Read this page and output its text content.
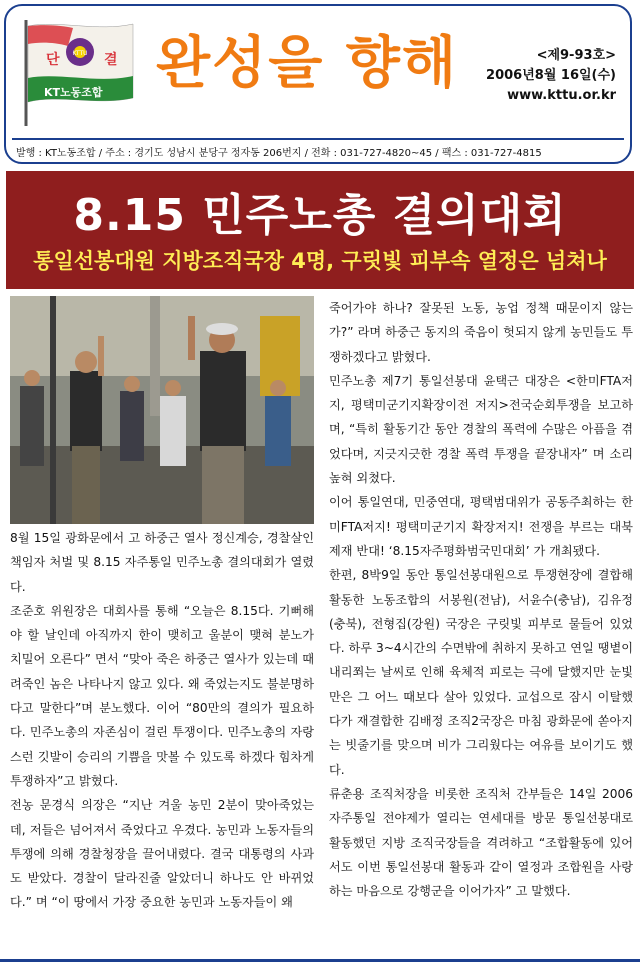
KTTU
단	결
KT노동조합 완성을 향해	<제9-93호>
2006년8월 16일(수)
www.kttu.or.kr
발행 : KT노동조합 / 주소 : 경기도 성남시 분당구 정자동 206번지 / 전화 : 031-727-4820~45 / 팩스 : 031-727-4815
8.15 민주노총 결의대회
통일선봉대원 지방조직국장 4명, 구릿빛 피부속 열정은 넘쳐나

8월 15일 광화문에서 고 하중근 열사 정신계승, 경찰살인 책임자 처벌 및 8.15 자주통일 민주노총 결의대회가 열렸다.

조준호 위원장은 대회사를 통해 “오늘은 8.15다. 기뻐해야 할 날인데 아직까지 한이 맺히고 울분이 맺혀 분노가 치밀어 오른다” 면서 “맞아 죽은 하중근 열사가 있는데 때려죽인 놈은 나타나지 않고 있다. 왜 죽었는지도 불분명하다고 말한다”며 분노했다. 이어 “80만의 결의가 필요하다. 민주노총의 자존심이 걸린 투쟁이다. 민주노총의 자랑스런 깃발이 승리의 기쁨을 맛볼 수 있도록 하겠다 힘차게 투쟁하자”고 밝혔다.

전농 문경식 의장은 “지난 겨울 농민 2분이 맞아죽었는데, 저들은 넘어져서 죽었다고 우겼다. 농민과 노동자들의 투쟁에 의해 경찰청장을 끌어내렸다. 결국 대통령의 사과도 받았다. 경찰이 달라진줄 알았더니 하나도 안 바뀌었다.” 며 “이 땅에서 가장 중요한 농민과 노동자들이 왜

죽어가야 하나? 잘못된 노동, 농업 정책 때문이지 않는가?” 라며 하중근 동지의 죽음이 헛되지 않게 농민들도 투쟁하겠다고 밝혔다.

민주노총 제7기 통일선봉대 윤택근 대장은 <한미FTA저지, 평택미군기지확장이전 저지>전국순회투쟁을 보고하며, “특히 활동기간 동안 경찰의 폭력에 수많은 아픔을 겪었다며, 지긋지긋한 경찰 폭력 투쟁을 끝장내자” 며 소리높혀 외쳤다.

이어 통일연대, 민중연대, 평택범대위가 공동주최하는 한미FTA저지! 평택미군기지 확장저지! 전쟁을 부르는 대북제재 반대! ‘8.15자주평화범국민대회’ 가 개최됐다.

한편, 8박9일 동안 통일선봉대원으로 투쟁현장에 결합해 활동한 노동조합의 서봉원(전남), 서윤수(충남), 김유정(충북), 전형집(강원) 국장은 구릿빛 피부로 물들어 있었다. 하루 3~4시간의 수면밖에 취하지 못하고 연일 땡볕이 내리쬐는 날씨로 인해 육체적 피로는 극에 달했지만 눈빛만은 그 어느 때보다 살아 있었다. 교섭으로 잠시 이탈했다가 재결합한 김배정 조직2국장은 마침 광화문에 쏟아지는 빗줄기를 맞으며 비가 그리웠다는 여유를 보이기도 했다.

류춘용 조직처장을 비롯한 조직처 간부들은 14일 2006 자주통일 전야제가 열리는 연세대를 방문 통일선봉대로 활동했던 지방 조직국장들을 격려하고 “조합활동에 있어서도 이번 통일선봉대 활동과 같이 열정과 조합원을 사랑하는 마음으로 강행군을 이어가자” 고 말했다.
